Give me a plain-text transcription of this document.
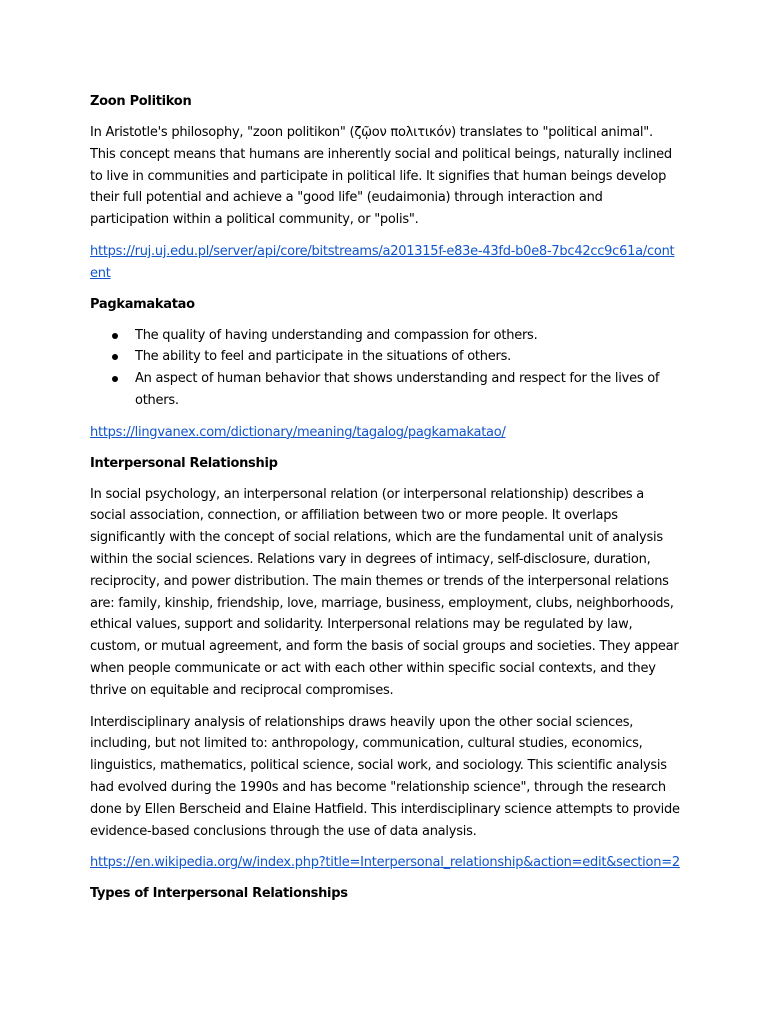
Zoon Politikon
In Aristotle's philosophy, "zoon politikon" (ζῷον πολιτικόν) translates to "political animal". This concept means that humans are inherently social and political beings, naturally inclined to live in communities and participate in political life. It signifies that human beings develop their full potential and achieve a "good life" (eudaimonia) through interaction and participation within a political community, or "polis".
https://ruj.uj.edu.pl/server/api/core/bitstreams/a201315f-e83e-43fd-b0e8-7bc42cc9c61a/content
Pagkamakatao
The quality of having understanding and compassion for others.
The ability to feel and participate in the situations of others.
An aspect of human behavior that shows understanding and respect for the lives of others.
https://lingvanex.com/dictionary/meaning/tagalog/pagkamakatao/
Interpersonal Relationship
In social psychology, an interpersonal relation (or interpersonal relationship) describes a social association, connection, or affiliation between two or more people. It overlaps significantly with the concept of social relations, which are the fundamental unit of analysis within the social sciences. Relations vary in degrees of intimacy, self-disclosure, duration, reciprocity, and power distribution. The main themes or trends of the interpersonal relations are: family, kinship, friendship, love, marriage, business, employment, clubs, neighborhoods, ethical values, support and solidarity. Interpersonal relations may be regulated by law, custom, or mutual agreement, and form the basis of social groups and societies. They appear when people communicate or act with each other within specific social contexts, and they thrive on equitable and reciprocal compromises.
Interdisciplinary analysis of relationships draws heavily upon the other social sciences, including, but not limited to: anthropology, communication, cultural studies, economics, linguistics, mathematics, political science, social work, and sociology. This scientific analysis had evolved during the 1990s and has become "relationship science", through the research done by Ellen Berscheid and Elaine Hatfield. This interdisciplinary science attempts to provide evidence-based conclusions through the use of data analysis.
https://en.wikipedia.org/w/index.php?title=Interpersonal_relationship&action=edit&section=2
Types of Interpersonal Relationships
